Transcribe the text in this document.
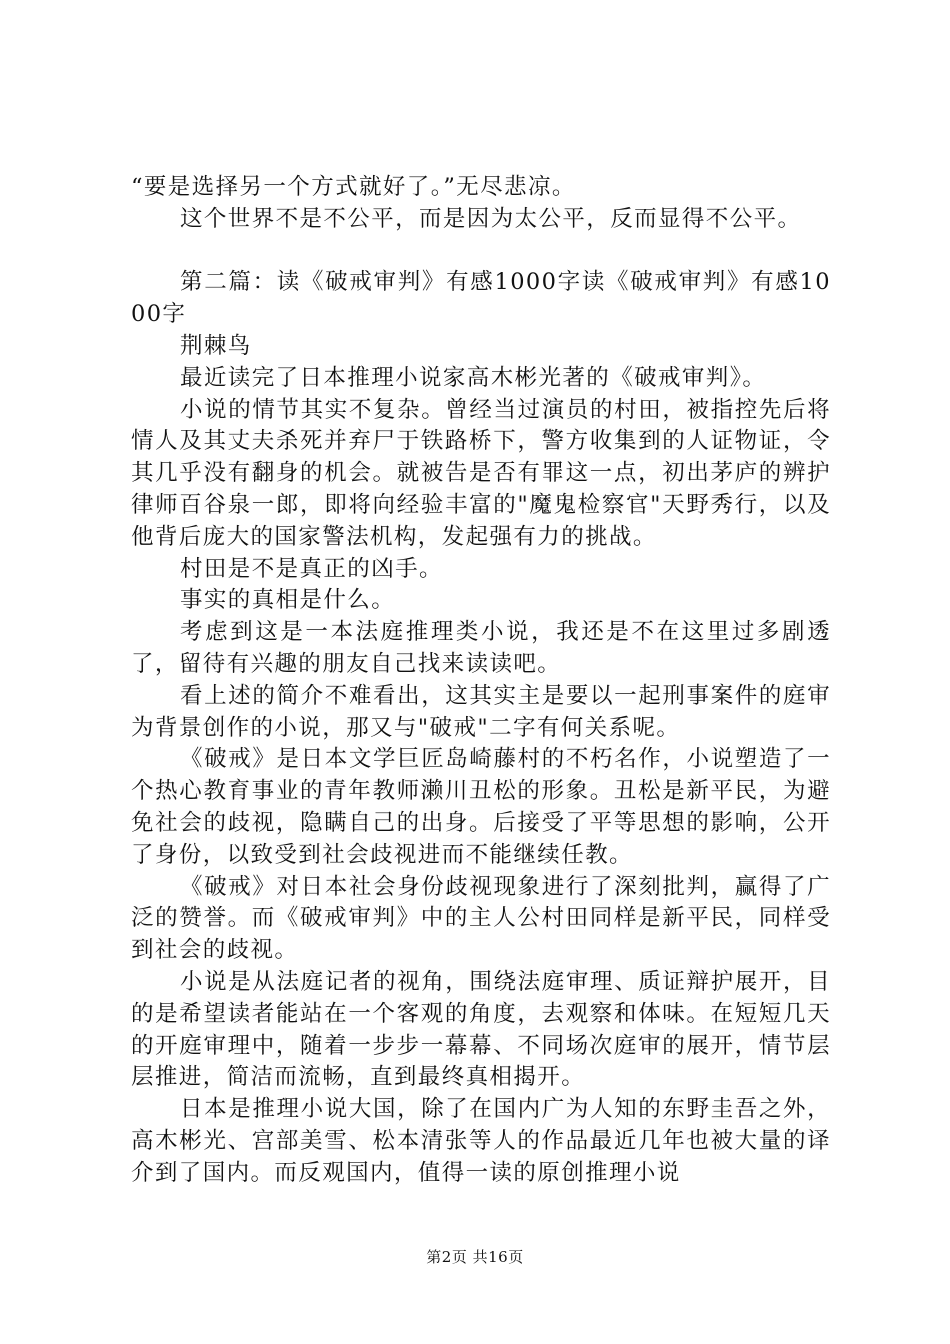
“要是选择另一个方式就好了。”无尽悲凉。

这个世界不是不公平，而是因为太公平，反而显得不公平。

第二篇：读《破戒审判》有感1000字读《破戒审判》有感1000字

荆棘鸟

最近读完了日本推理小说家高木彬光著的《破戒审判》。

小说的情节其实不复杂。曾经当过演员的村田，被指控先后将情人及其丈夫杀死并弃尸于铁路桥下，警方收集到的人证物证，令其几乎没有翻身的机会。就被告是否有罪这一点，初出茅庐的辨护律师百谷泉一郎，即将向经验丰富的"魔鬼检察官"天野秀行，以及他背后庞大的国家警法机构，发起强有力的挑战。

村田是不是真正的凶手。

事实的真相是什么。

考虑到这是一本法庭推理类小说，我还是不在这里过多剧透了，留待有兴趣的朋友自己找来读读吧。

看上述的简介不难看出，这其实主是要以一起刑事案件的庭审为背景创作的小说，那又与"破戒"二字有何关系呢。

《破戒》是日本文学巨匠岛崎藤村的不朽名作，小说塑造了一个热心教育事业的青年教师濑川丑松的形象。丑松是新平民，为避免社会的歧视，隐瞒自己的出身。后接受了平等思想的影响，公开了身份，以致受到社会歧视进而不能继续任教。

《破戒》对日本社会身份歧视现象进行了深刻批判，赢得了广泛的赞誉。而《破戒审判》中的主人公村田同样是新平民，同样受到社会的歧视。

小说是从法庭记者的视角，围绕法庭审理、质证辩护展开，目的是希望读者能站在一个客观的角度，去观察和体味。在短短几天的开庭审理中，随着一步步一幕幕、不同场次庭审的展开，情节层层推进，简洁而流畅，直到最终真相揭开。

日本是推理小说大国，除了在国内广为人知的东野圭吾之外，高木彬光、宫部美雪、松本清张等人的作品最近几年也被大量的译介到了国内。而反观国内，值得一读的原创推理小说

第2页 共16页
